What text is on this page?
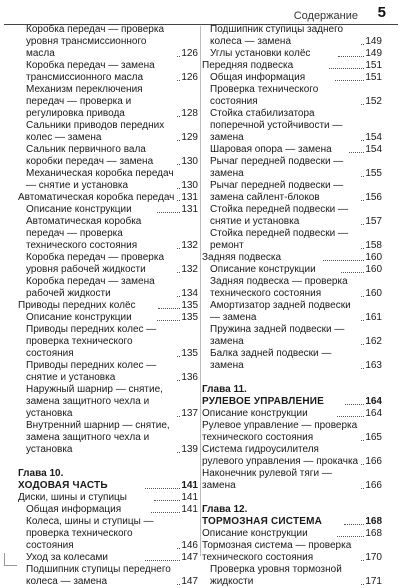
Содержание 5
Коробка передач — проверка уровня трансмиссионного масла	126
Коробка передач — замена трансмиссионного масла	126
Механизм переключения передач — проверка и регулировка привода	128
Сальники приводов передних колес — замена	129
Сальник первичного вала коробки передач — замена	130
Механическая коробка передач — снятие и установка	130
Автоматическая коробка передач 131
Описание конструкции	131
Автоматическая коробка передач — проверка технического состояния	132
Коробка передач — проверка уровня рабочей жидкости	132
Коробка передач — замена рабочей жидкости	134
Приводы передних колёс	135
Описание конструкции	135
Приводы передних колес — проверка технического состояния	135
Приводы передних колес — снятие и установка	136
Наружный шарнир — снятие, замена защитного чехла и установка	137
Внутренний шарнир — снятие, замена защитного чехла и установка	139
Глава 10.
ХОДОВАЯ ЧАСТЬ	141
Диски, шины и ступицы	141
Общая информация	141
Колеса, шины и ступицы — проверка технического состояния	146
Уход за колесами	147
Подшипник ступицы переднего колеса — замена	147
Подшипник ступицы заднего колеса — замена	149
Углы установки колёс	149
Передняя подвеска	151
Общая информация	151
Проверка технического состояния	152
Стойка стабилизатора поперечной устойчивости — замена	154
Шаровая опора — замена	154
Рычаг передней подвески — замена	155
Рычаг передней подвески — замена сайлент-блоков	156
Стойка передней подвески — снятие и установка	157
Стойка передней подвески — ремонт	158
Задняя подвеска	160
Описание конструкции	160
Задняя подвеска — проверка технического состояния	160
Амортизатор задней подвески — замена	161
Пружина задней подвески — замена	162
Балка задней подвески — замена	163
Глава 11.
РУЛЕВОЕ УПРАВЛЕНИЕ	164
Описание конструкции	164
Рулевое управление — проверка технического состояния	165
Система гидроусилителя рулевого управления — прокачка 166
Наконечник рулевой тяги — замена	166
Глава 12.
ТОРМОЗНАЯ СИСТЕМА	168
Описание конструкции	168
Тормозная система — проверка технического состояния	170
Проверка уровня тормозной жидкости	171
